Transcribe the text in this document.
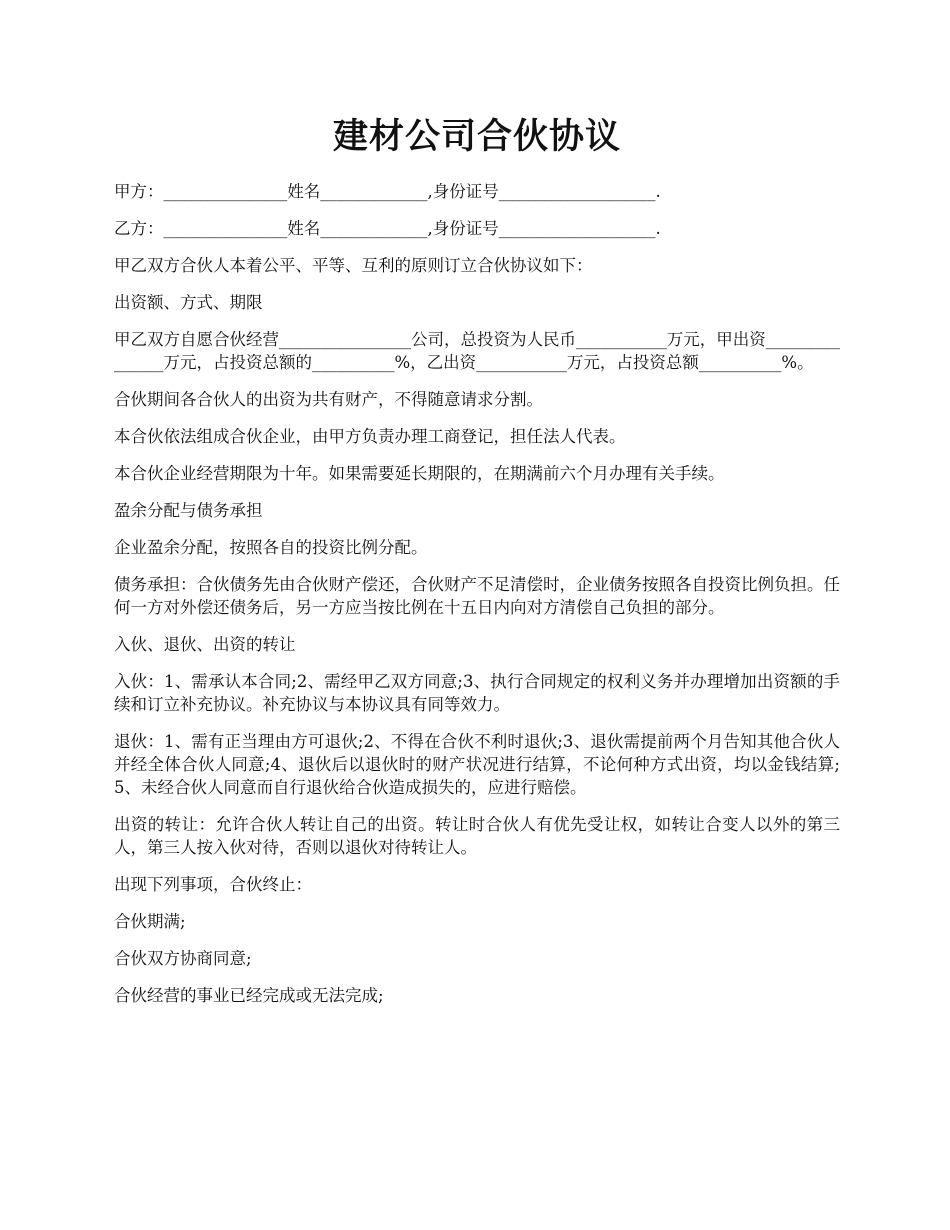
建材公司合伙协议

甲方：_______________姓名_____________,身份证号___________________.

乙方：_______________姓名_____________,身份证号___________________.

甲乙双方合伙人本着公平、平等、互利的原则订立合伙协议如下：

出资额、方式、期限

甲乙双方自愿合伙经营________________公司，总投资为人民币___________万元，甲出资_______________万元，占投资总额的__________%，乙出资___________万元，占投资总额__________%。

合伙期间各合伙人的出资为共有财产，不得随意请求分割。

本合伙依法组成合伙企业，由甲方负责办理工商登记，担任法人代表。

本合伙企业经营期限为十年。如果需要延长期限的，在期满前六个月办理有关手续。

盈余分配与债务承担

企业盈余分配，按照各自的投资比例分配。

债务承担：合伙债务先由合伙财产偿还，合伙财产不足清偿时，企业债务按照各自投资比例负担。任何一方对外偿还债务后，另一方应当按比例在十五日内向对方清偿自己负担的部分。

入伙、退伙、出资的转让

入伙：1、需承认本合同;2、需经甲乙双方同意;3、执行合同规定的权利义务并办理增加出资额的手续和订立补充协议。补充协议与本协议具有同等效力。

退伙：1、需有正当理由方可退伙;2、不得在合伙不利时退伙;3、退伙需提前两个月告知其他合伙人并经全体合伙人同意;4、退伙后以退伙时的财产状况进行结算，不论何种方式出资，均以金钱结算;5、未经合伙人同意而自行退伙给合伙造成损失的，应进行赔偿。

出资的转让：允许合伙人转让自己的出资。转让时合伙人有优先受让权，如转让合变人以外的第三人，第三人按入伙对待，否则以退伙对待转让人。

出现下列事项，合伙终止：

合伙期满;

合伙双方协商同意;

合伙经营的事业已经完成或无法完成;
